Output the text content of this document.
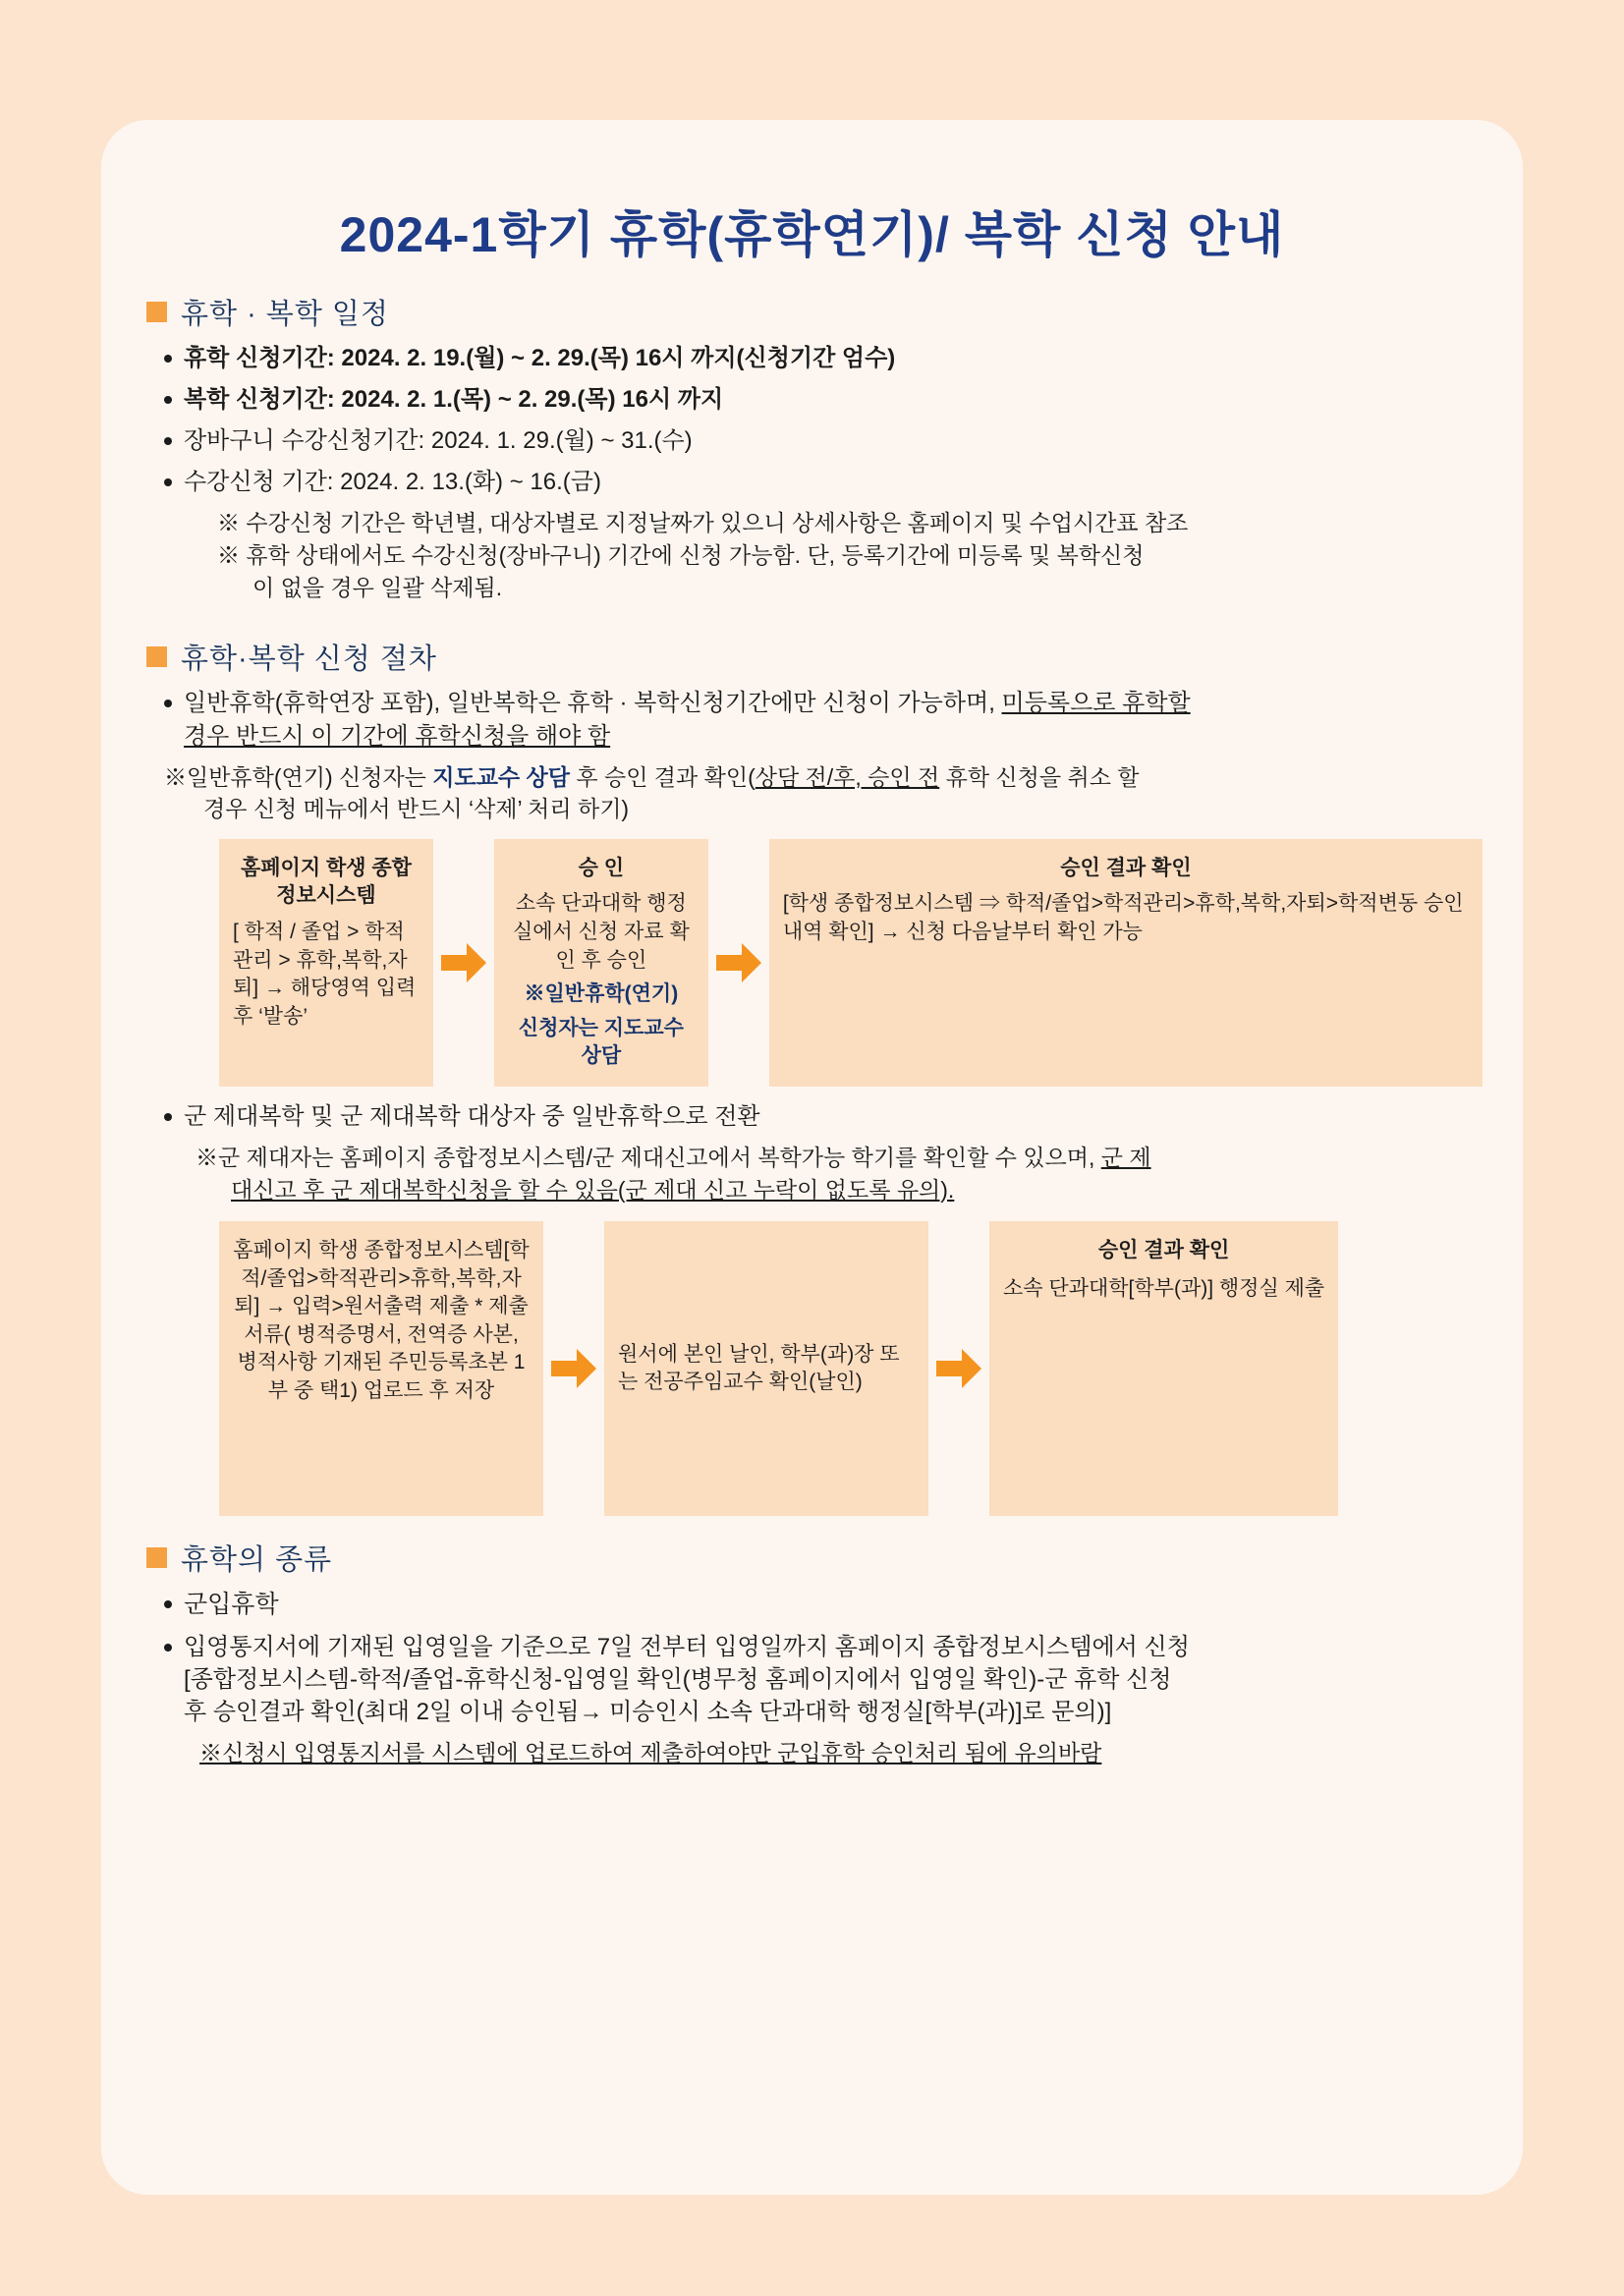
2024-1학기 휴학(휴학연기)/ 복학 신청 안내
휴학 · 복학 일정
휴학 신청기간: 2024. 2. 19.(월) ~ 2. 29.(목) 16시 까지(신청기간 엄수)
복학 신청기간: 2024. 2. 1.(목) ~ 2. 29.(목) 16시 까지
장바구니 수강신청기간: 2024. 1. 29.(월) ~ 31.(수)
수강신청 기간: 2024. 2. 13.(화) ~ 16.(금)
※ 수강신청 기간은 학년별, 대상자별로 지정날짜가 있으니 상세사항은 홈페이지 및 수업시간표 참조
※ 휴학 상태에서도 수강신청(장바구니) 기간에 신청 가능함. 단, 등록기간에 미등록 및 복학신청
이 없을 경우 일괄 삭제됨.
휴학·복학 신청 절차
일반휴학(휴학연장 포함), 일반복학은 휴학 · 복학신청기간에만 신청이 가능하며, 미등록으로 휴학할
경우 반드시 이 기간에 휴학신청을 해야 함
※일반휴학(연기) 신청자는 지도교수 상담 후 승인 결과 확인(상담 전/후, 승인 전 휴학 신청을 취소 할
경우 신청 메뉴에서 반드시 ‘삭제’ 처리 하기)
홈페이지 학생 종합정보시스템
[ 학적 / 졸업 > 학적관리 > 휴학,복학,자퇴] → 해당영역 입력 후 ‘발송’
승 인
소속 단과대학 행정실에서 신청 자료 확인 후 승인
※일반휴학(연기)
신청자는 지도교수 상담
승인 결과 확인
[학생 종합정보시스템 ⇒ 학적/졸업>학적관리>휴학,복학,자퇴>학적변동 승인내역 확인] → 신청 다음날부터 확인 가능
군 제대복학 및 군 제대복학 대상자 중 일반휴학으로 전환
※군 제대자는 홈페이지 종합정보시스템/군 제대신고에서 복학가능 학기를 확인할 수 있으며, 군 제
대신고 후 군 제대복학신청을 할 수 있음(군 제대 신고 누락이 없도록 유의).
홈페이지 학생 종합정보시스템[학적/졸업>학적관리>휴학,복학,자퇴] → 입력>원서출력 제출 * 제출서류( 병적증명서, 전역증 사본, 병적사항 기재된 주민등록초본 1부 중 택1) 업로드 후 저장
원서에 본인 날인, 학부(과)장 또는 전공주임교수 확인(날인)
승인 결과 확인
소속 단과대학[학부(과)] 행정실 제출
휴학의 종류
군입휴학
입영통지서에 기재된 입영일을 기준으로 7일 전부터 입영일까지 홈페이지 종합정보시스템에서 신청
[종합정보시스템-학적/졸업-휴학신청-입영일 확인(병무청 홈페이지에서 입영일 확인)-군 휴학 신청
후 승인결과 확인(최대 2일 이내 승인됨→ 미승인시 소속 단과대학 행정실[학부(과)]로 문의)]
※신청시 입영통지서를 시스템에 업로드하여 제출하여야만 군입휴학 승인처리 됨에 유의바람
